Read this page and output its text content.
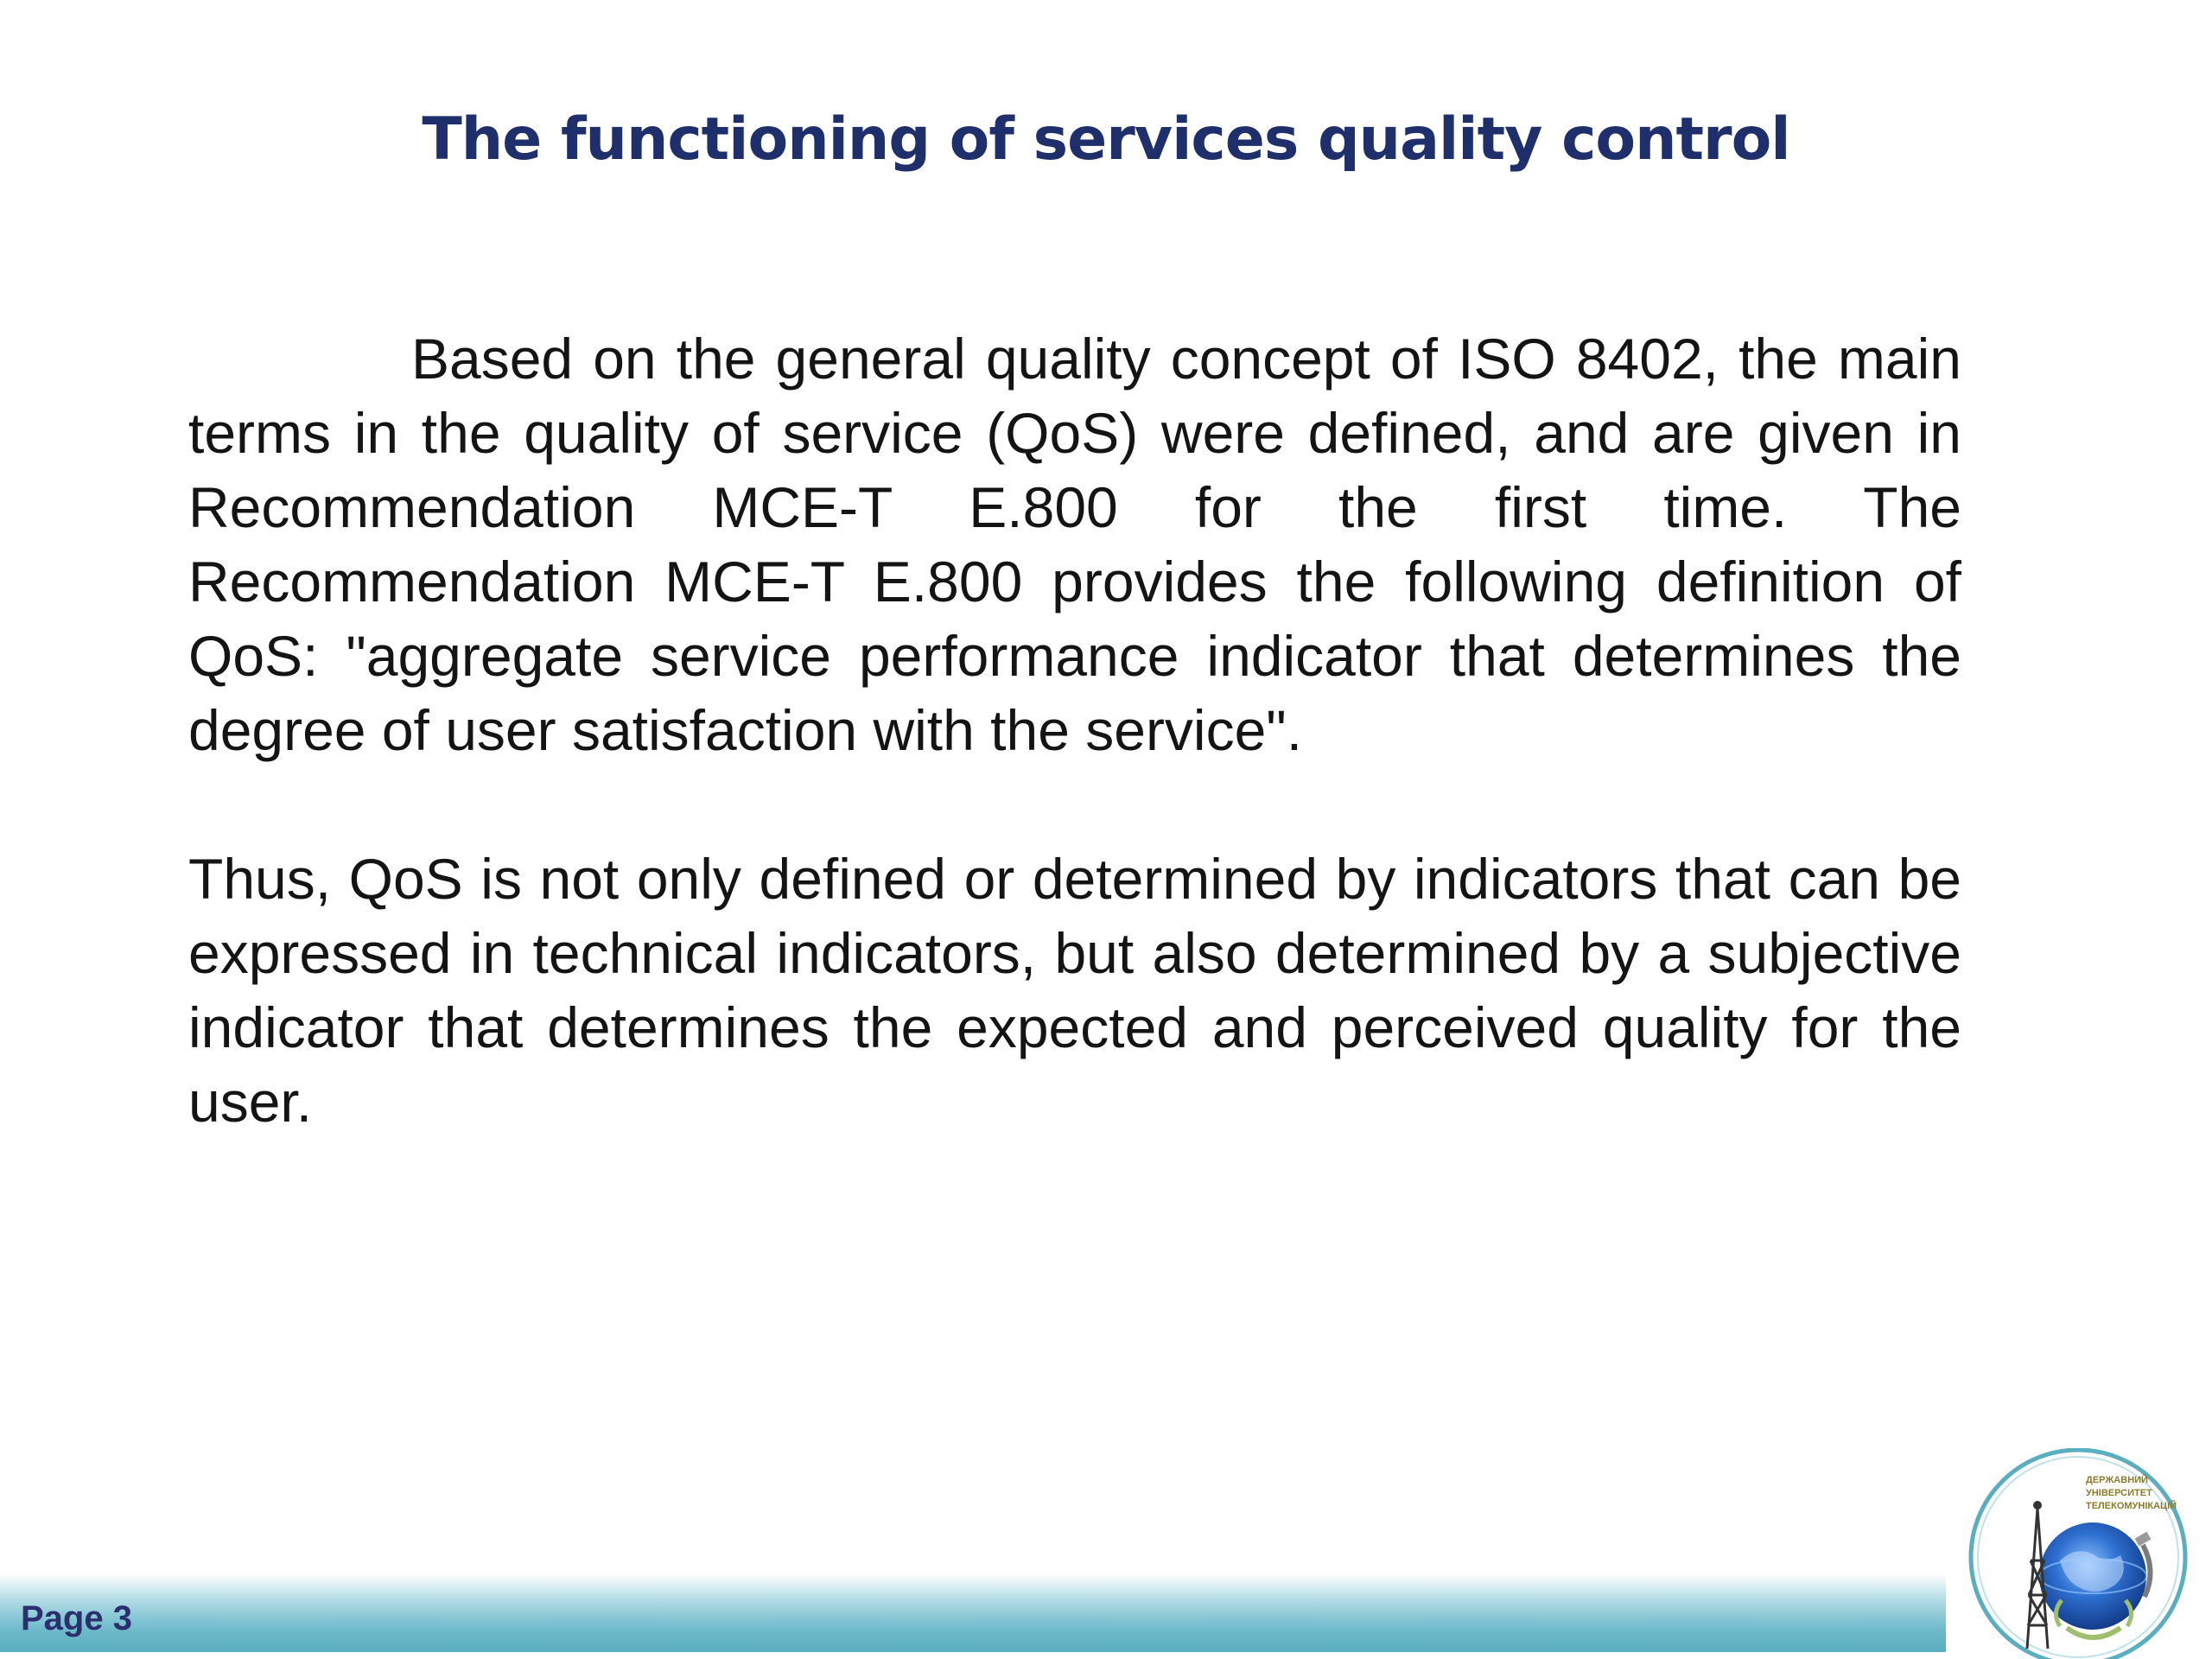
The functioning of services quality control

Based on the general quality concept of ISO 8402, the main terms in the quality of service (QoS) were defined, and are given in Recommendation MCE-T E.800 for the first time. The Recommendation MCE-T E.800 provides the following definition of QoS: "aggregate service performance indicator that determines the degree of user satisfaction with the service".

Thus, QoS is not only defined or determined by indicators that can be expressed in technical indicators, but also determined by a subjective indicator that determines the expected and perceived quality for the user.

Page 3
ДЕРЖАВНИЙ
УНІВЕРСИТЕТ
ТЕЛЕКОМУНІКАЦІЙ
